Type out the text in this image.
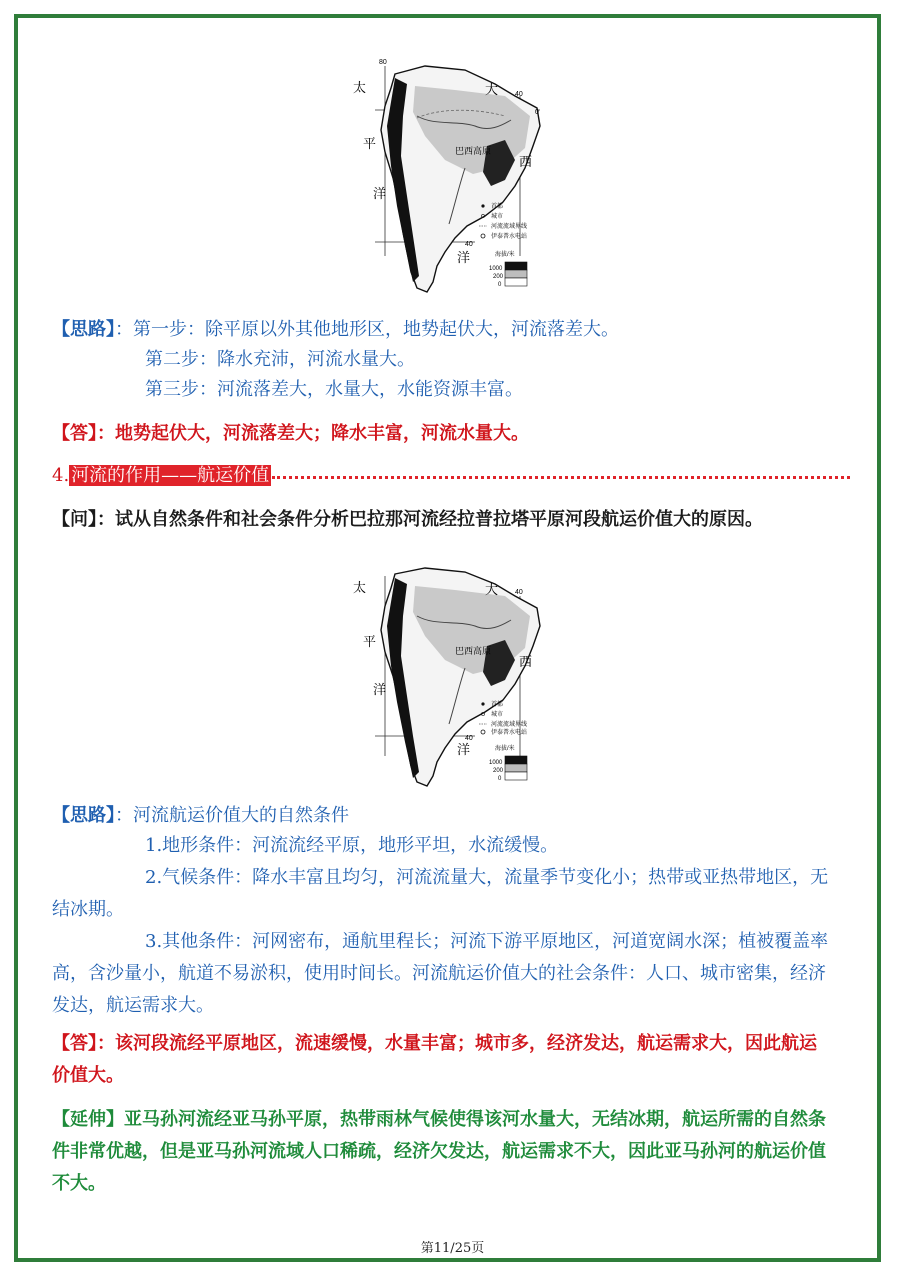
太
平
洋
大
西
洋
80
40
0
40
巴西高原
首都
城市
河流流域界线
伊泰普水电站
海拔/米
1000
200
0
【思路】：第一步：除平原以外其他地形区，地势起伏大，河流落差大。
第二步：降水充沛，河流水量大。
第三步：河流落差大，水量大，水能资源丰富。
【答】：地势起伏大，河流落差大；降水丰富，河流水量大。
4. 河流的作用——航运价值
【问】：试从自然条件和社会条件分析巴拉那河流经拉普拉塔平原河段航运价值大的原因。
太
平
洋
大
西
洋
40
40
巴西高原
首都
城市
河流流域界线
伊泰普水电站
海拔/米
1000
200
0
【思路】：河流航运价值大的自然条件
1.地形条件：河流流经平原，地形平坦，水流缓慢。
2.气候条件：降水丰富且均匀，河流流量大，流量季节变化小；热带或亚热带地区，无
结冰期。
3.其他条件：河网密布，通航里程长；河流下游平原地区，河道宽阔水深；植被覆盖率
高，含沙量小，航道不易淤积，使用时间长。河流航运价值大的社会条件：人口、城市密集，经济
发达，航运需求大。
【答】：该河段流经平原地区，流速缓慢，水量丰富；城市多，经济发达，航运需求大，因此航运
价值大。
【延伸】亚马孙河流经亚马孙平原，热带雨林气候使得该河水量大，无结冰期，航运所需的自然条
件非常优越，但是亚马孙河流域人口稀疏，经济欠发达，航运需求不大，因此亚马孙河的航运价值
不大。
第11/25页
